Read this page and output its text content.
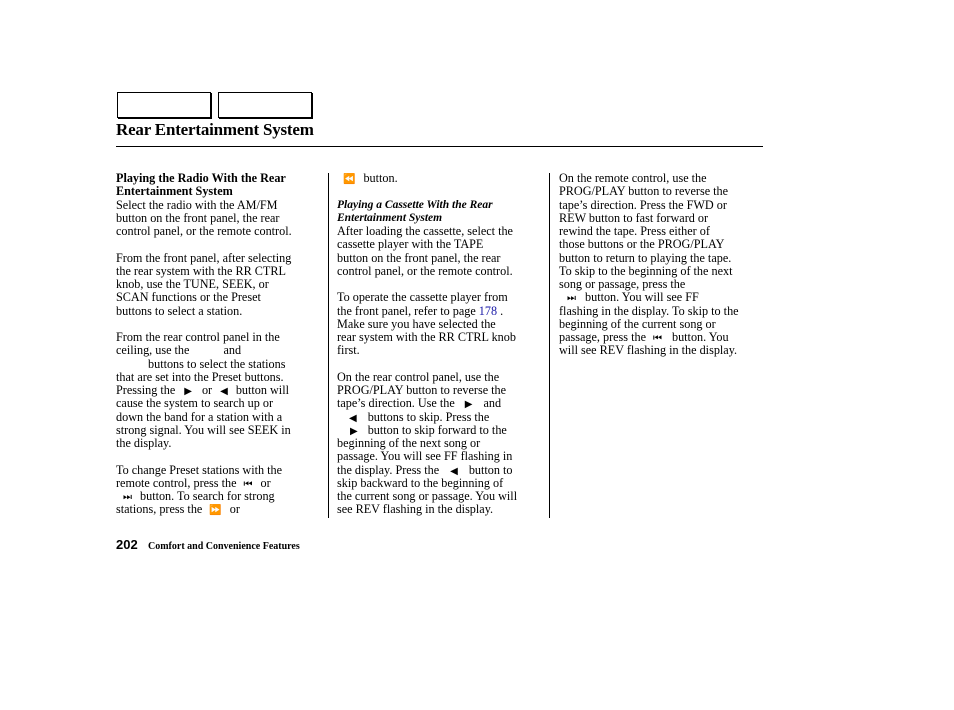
Rear Entertainment System
Playing the Radio With the Rear
Entertainment System
Select the radio with the AM/FM
button on the front panel, the rear
control panel, or the remote control.
From the front panel, after selecting
the rear system with the RR CTRL
knob, use the TUNE, SEEK, or
SCAN functions or the Preset
buttons to select a station.
From the rear control panel in the
ceiling, use the	and
buttons to select the stations
that are set into the Preset buttons.
Pressing the ▶ or ◀ button will
cause the system to search up or
down the band for a station with a
strong signal. You will see SEEK in
the display.
To change Preset stations with the
remote control, press the ⏮ or
⏭ button. To search for strong
stations, press the ⏩ or
⏪ button.
Playing a Cassette With the Rear
Entertainment System
After loading the cassette, select the
cassette player with the TAPE
button on the front panel, the rear
control panel, or the remote control.
To operate the cassette player from
the front panel, refer to page 178 .
Make sure you have selected the
rear system with the RR CTRL knob
first.
On the rear control panel, use the
PROG/PLAY button to reverse the
tape’s direction. Use the ▶ and
◀ buttons to skip. Press the
▶ button to skip forward to the
beginning of the next song or
passage. You will see FF flashing in
the display. Press the ◀ button to
skip backward to the beginning of
the current song or passage. You will
see REV flashing in the display.
On the remote control, use the
PROG/PLAY button to reverse the
tape’s direction. Press the FWD or
REW button to fast forward or
rewind the tape. Press either of
those buttons or the PROG/PLAY
button to return to playing the tape.
To skip to the beginning of the next
song or passage, press the
⏭ button. You will see FF
flashing in the display. To skip to the
beginning of the current song or
passage, press the ⏮ button. You
will see REV flashing in the display.
202 Comfort and Convenience Features
